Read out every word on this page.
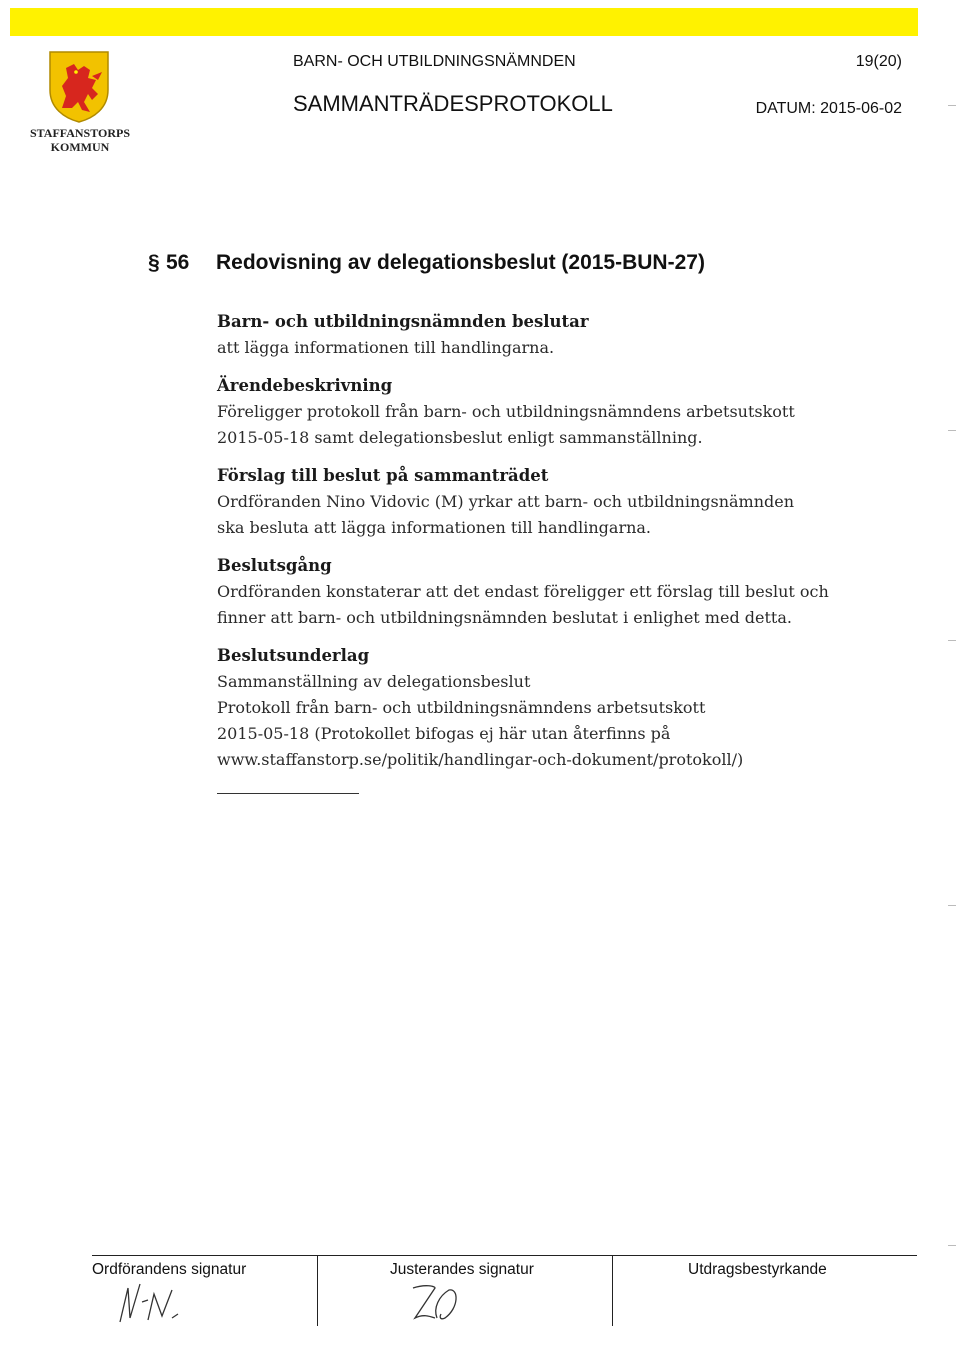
STAFFANSTORPS
KOMMUN
BARN- OCH UTBILDNINGSNÄMNDEN	19(20)
SAMMANTRÄDESPROTOKOLL	DATUM: 2015-06-02
§ 56 Redovisning av delegationsbeslut (2015-BUN-27)
Barn- och utbildningsnämnden beslutar

att lägga informationen till handlingarna.

Ärendebeskrivning

Föreligger protokoll från barn- och utbildningsnämndens arbetsutskott
2015-05-18 samt delegationsbeslut enligt sammanställning.

Förslag till beslut på sammanträdet

Ordföranden Nino Vidovic (M) yrkar att barn- och utbildningsnämnden
ska besluta att lägga informationen till handlingarna.

Beslutsgång

Ordföranden konstaterar att det endast föreligger ett förslag till beslut och
finner att barn- och utbildningsnämnden beslutat i enlighet med detta.

Beslutsunderlag

Sammanställning av delegationsbeslut
Protokoll från barn- och utbildningsnämndens arbetsutskott
2015-05-18 (Protokollet bifogas ej här utan återfinns på
www.staffanstorp.se/politik/handlingar-och-dokument/protokoll/)

Ordförandens signatur	Justerandes signatur	Utdragsbestyrkande
